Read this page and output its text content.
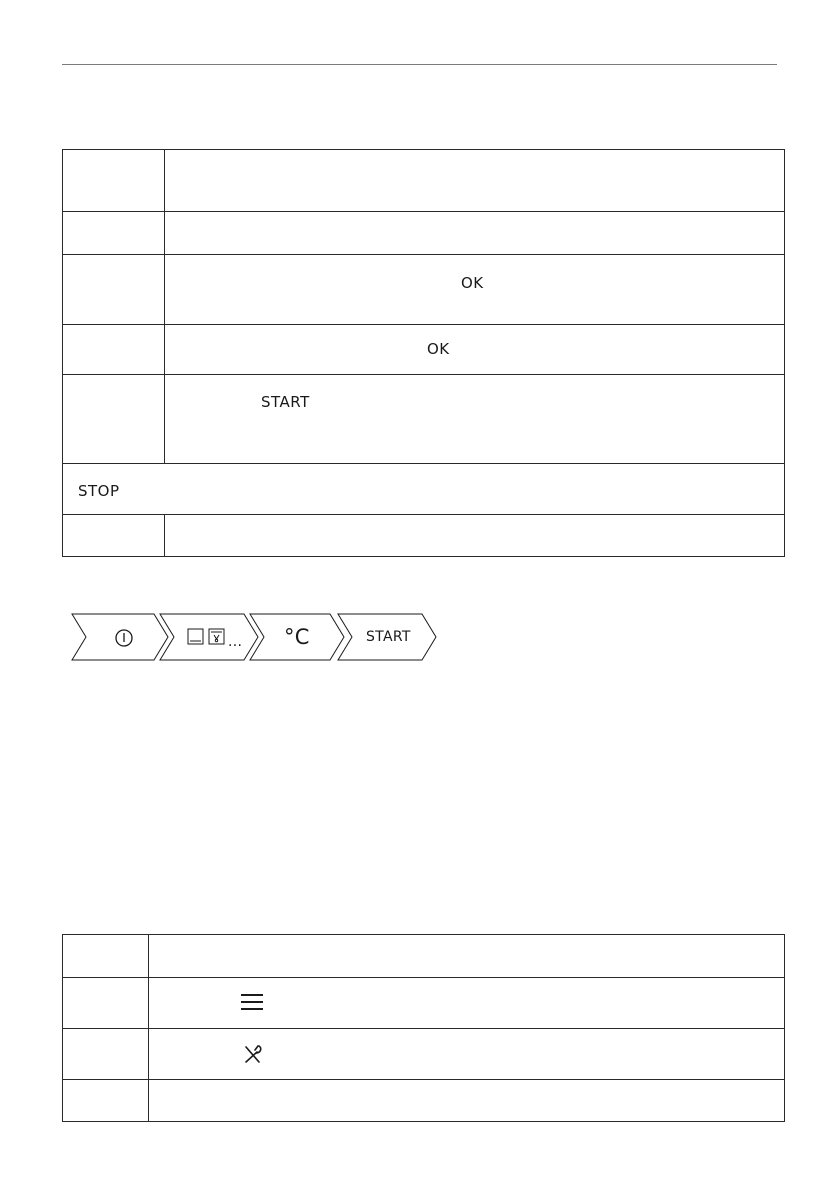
	OK

	OK

	START

STOP	

... °C	START
